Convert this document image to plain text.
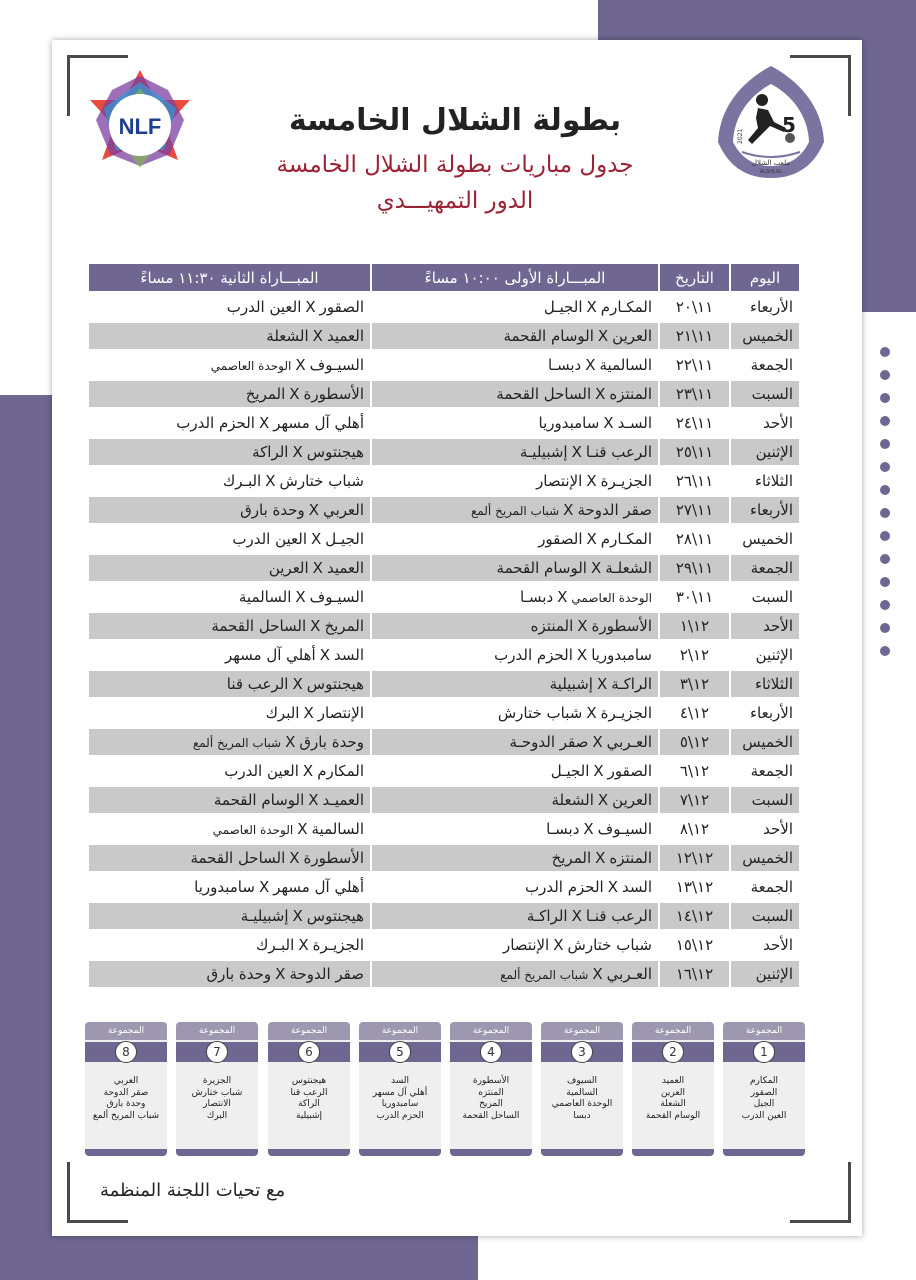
NLF	5
2021
ملعب الشلال
ALSHLAL
بطولة الشلال الخامسة
جدول مباريات بطولة الشلال الخامسة
الدور التمهيـــدي
اليوم	التاريخ	المبـــاراة الأولى ١٠:٠٠ مساءً	المبـــاراة الثانية ١١:٣٠ مساءً
الأربعاء	١١\٢٠	المكـارمXالجيـل	الصقورXالعين الدرب
الخميس	١١\٢١	العرينXالوسام القحمة	العميدXالشعلة
الجمعة	١١\٢٢	السالميةXدبسـا	السيـوفXالوحدة العاصمي
السبت	١١\٢٣	المنتزهXالساحل القحمة	الأسطورةXالمريخ
الأحد	١١\٢٤	السـدXسامبدوريا	أهلي آل مسهرXالحزم الدرب
الإثنين	١١\٢٥	الرعب قنـاXإشبيليـة	هيجنتوسXالراكة
الثلاثاء	١١\٢٦	الجزيـرةXالإنتصار	شباب ختارشXالبـرك
الأربعاء	١١\٢٧	صقر الدوحةXشباب المريخ ألمع	العربيXوحدة بارق
الخميس	١١\٢٨	المكـارمXالصقور	الجيـلXالعين الدرب
الجمعة	١١\٢٩	الشعلـةXالوسام القحمة	العميدXالعرين
السبت	١١\٣٠	الوحدة العاصميXدبسـا	السيـوفXالسالمية
الأحد	١٢\١	الأسطورةXالمنتزه	المريخXالساحل القحمة
الإثنين	١٢\٢	سامبدورياXالحزم الدرب	السدXأهلي آل مسهر
الثلاثاء	١٢\٣	الراكـةXإشبيلية	هيجنتوسXالرعب قنا
الأربعاء	١٢\٤	الجزيـرةXشباب ختارش	الإنتصارXالبرك
الخميس	١٢\٥	العـربيXصقر الدوحـة	وحدة بارقXشباب المريخ ألمع
الجمعة	١٢\٦	الصقورXالجيـل	المكارمXالعين الدرب
السبت	١٢\٧	العرينXالشعلة	العميـدXالوسام القحمة
الأحد	١٢\٨	السيـوفXدبسـا	السالميةXالوحدة العاصمي
الخميس	١٢\١٢	المنتزهXالمريخ	الأسطورةXالساحل القحمة
الجمعة	١٢\١٣	السدXالحزم الدرب	أهلي آل مسهرXسامبدوريا
السبت	١٢\١٤	الرعب قنـاXالراكـة	هيجنتوسXإشبيليـة
الأحد	١٢\١٥	شباب ختارشXالإنتصار	الجزيـرةXالبـرك
الإثنين	١٢\١٦	العـربيXشباب المريخ ألمع	صقر الدوحةXوحدة بارق
المجموعة
1
المكارم
الصقور
الجيل
العين الدرب
المجموعة
2
العميد
العرين
الشعلة
الوسام القحمة
المجموعة
3
السيوف
السالمية
الوحدة العاصمي
دبسا
المجموعة
4
الأسطورة
المنتزه
المريخ
الساحل القحمة
المجموعة
5
السد
أهلي آل مسهر
سامبدوريا
الحزم الدرب
المجموعة
6
هيجنتوس
الرعب قنا
الراكة
إشبيلية
المجموعة
7
الجزيرة
شباب ختارش
الانتصار
البرك
المجموعة
8
العربي
صقر الدوحة
وحدة بارق
شباب المريخ ألمع
مع تحيات اللجنة المنظمة
